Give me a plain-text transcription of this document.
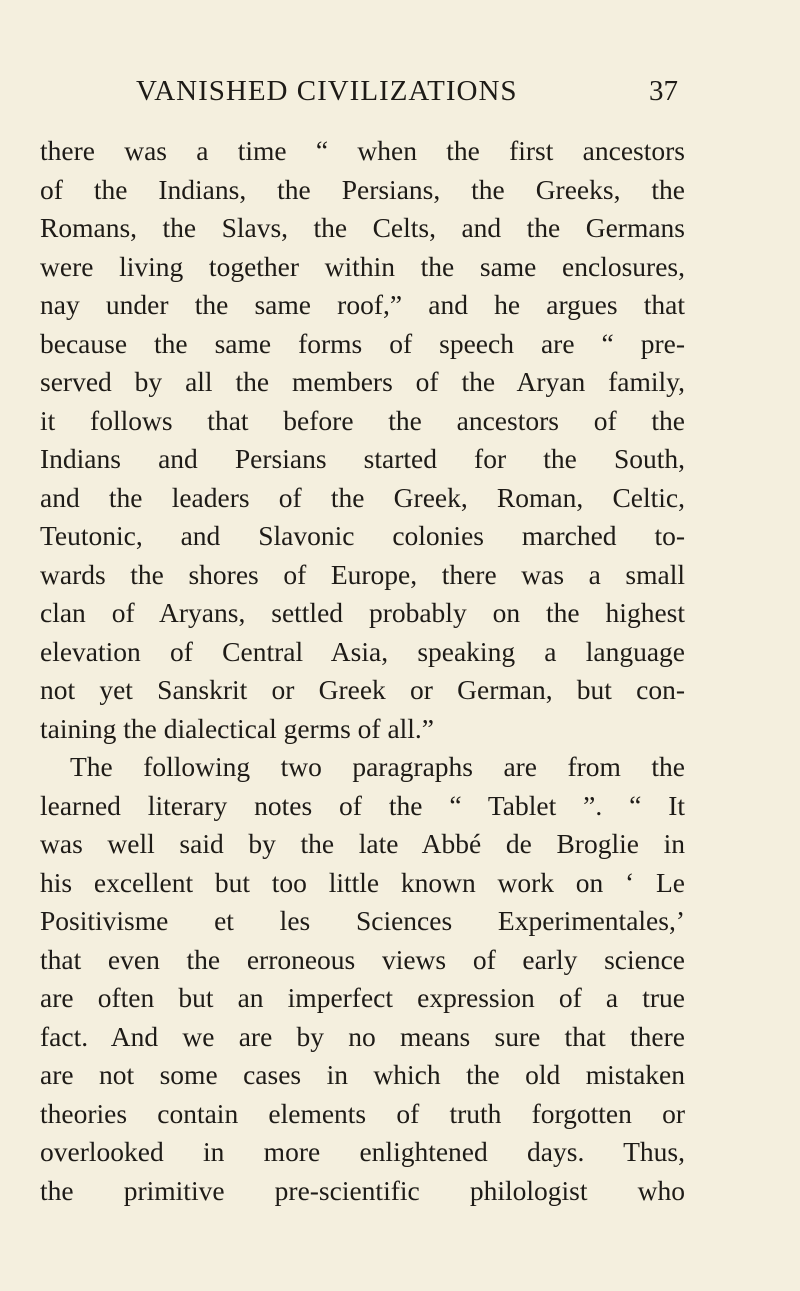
VANISHED CIVILIZATIONS	37
there was a time “ when the first ancestors
of the Indians, the Persians, the Greeks, the
Romans, the Slavs, the Celts, and the Germans
were living together within the same enclosures,
nay under the same roof,” and he argues that
because the same forms of speech are “ pre-
served by all the members of the Aryan family,
it follows that before the ancestors of the
Indians and Persians started for the South,
and the leaders of the Greek, Roman, Celtic,
Teutonic, and Slavonic colonies marched to-
wards the shores of Europe, there was a small
clan of Aryans, settled probably on the highest
elevation of Central Asia, speaking a language
not yet Sanskrit or Greek or German, but con-
taining the dialectical germs of all.”
The following two paragraphs are from the
learned literary notes of the “ Tablet ”. “ It
was well said by the late Abbé de Broglie in
his excellent but too little known work on ‘ Le
Positivisme et les Sciences Experimentales,’
that even the erroneous views of early science
are often but an imperfect expression of a true
fact. And we are by no means sure that there
are not some cases in which the old mistaken
theories contain elements of truth forgotten or
overlooked in more enlightened days. Thus,
the primitive pre-scientific philologist who
